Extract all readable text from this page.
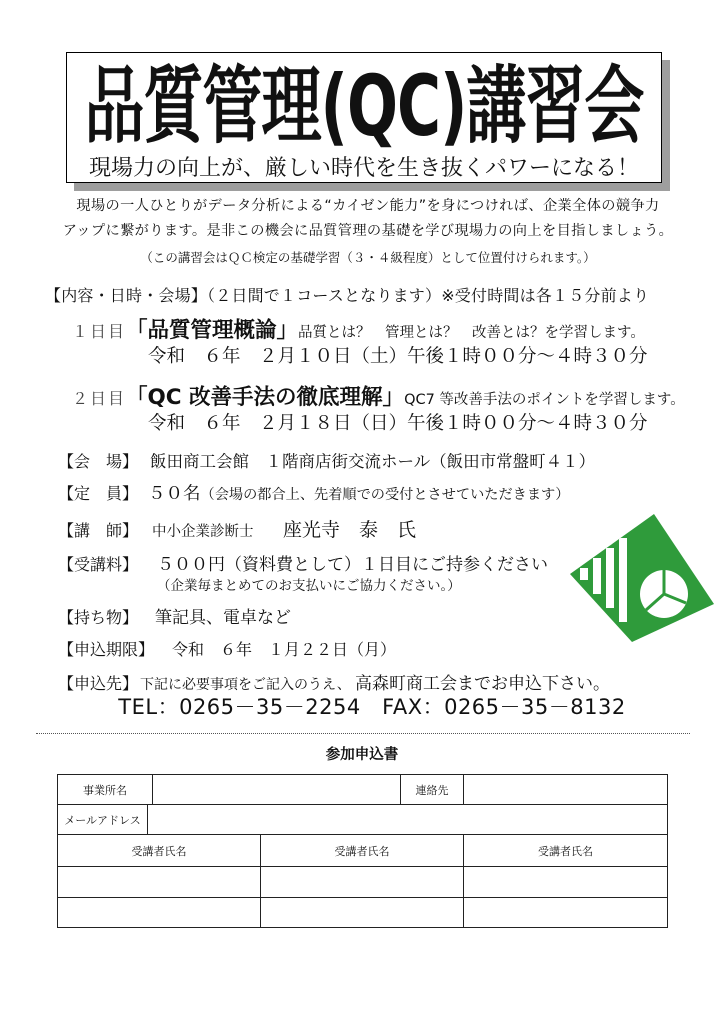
品質管理(QC)講習会
現場力の向上が、厳しい時代を生き抜くパワーになる！
現場の一人ひとりがデータ分析による“カイゼン能力”を身につければ、企業全体の競争力
アップに繋がります。是非この機会に品質管理の基礎を学び現場力の向上を目指しましょう。
（この講習会はＱＣ検定の基礎学習（３・４級程度）として位置付けられます。）
【内容・日時・会場】（２日間で１コースとなります）※受付時間は各１５分前より
１日目「品質管理概論」品質とは？　管理とは？　改善とは？を学習します。
令和　６年　２月１０日（土）午後１時００分～４時３０分
２日目「QC 改善手法の徹底理解」QC7 等改善手法のポイントを学習します。
令和　６年　２月１８日（日）午後１時００分～４時３０分
【会　場】 飯田商工会館　１階商店街交流ホール（飯田市常盤町４１）
【定　員】 ５０名（会場の都合上、先着順での受付とさせていただきます）
【講　師】 中小企業診断士 座光寺　泰　氏
【受講料】 ５００円（資料費として）１日目にご持参ください
（企業毎まとめてのお支払いにご協力ください。）
【持ち物】 筆記具、電卓など
【申込期限】 令和　６年　１月２２日（月）
【申込先】 下記に必要事項をご記入のうえ、 高森町商工会までお申込下さい。
TEL：0265－35－2254　FAX：0265－35－8132
参加申込書
事業所名	連絡先
メールアドレス
受講者氏名	受講者氏名	受講者氏名
